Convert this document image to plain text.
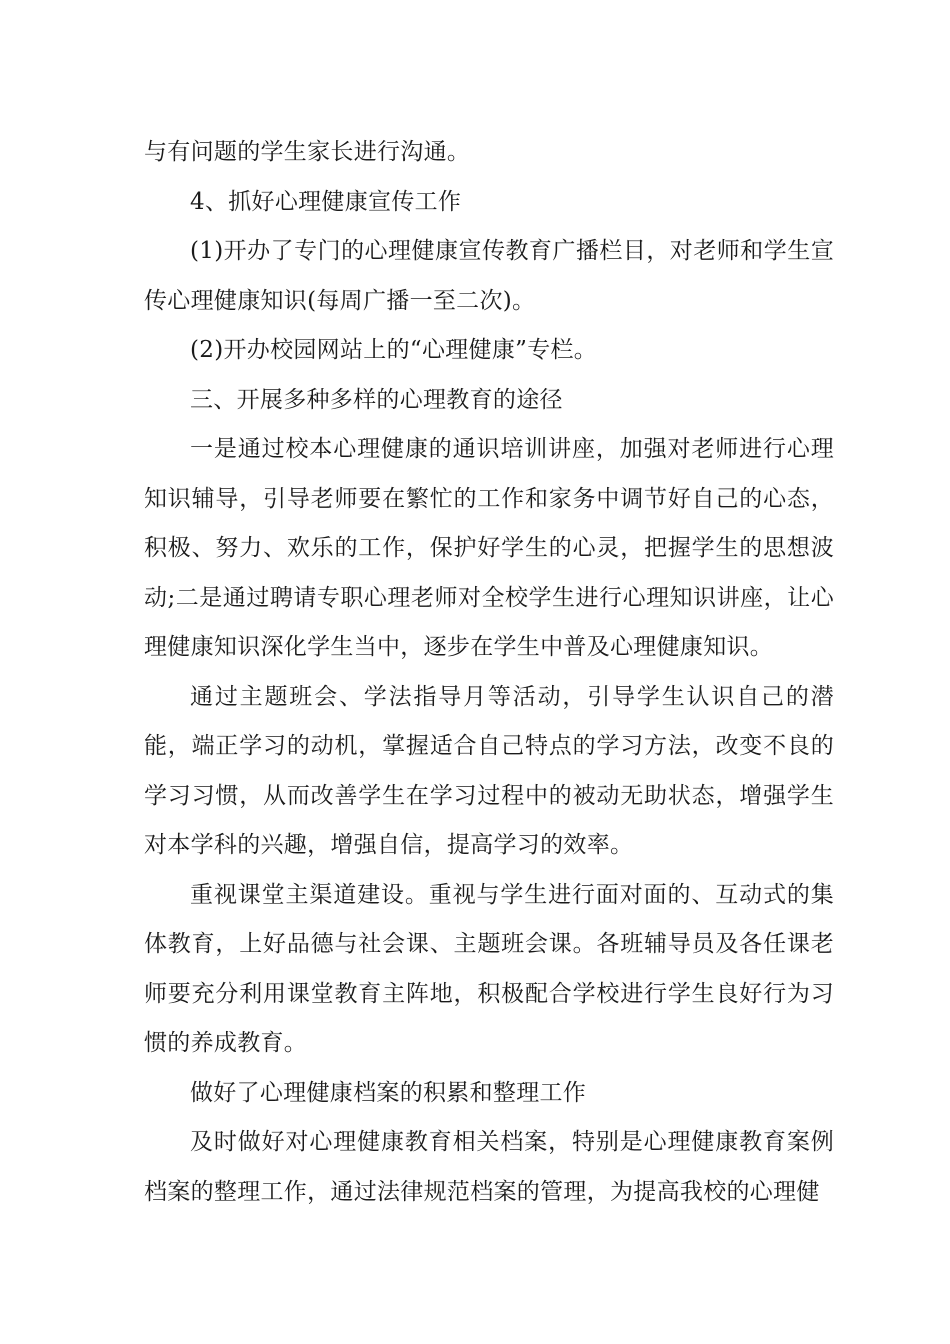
与有问题的学生家长进行沟通。

4、抓好心理健康宣传工作

(1)开办了专门的心理健康宣传教育广播栏目，对老师和学生宣传心理健康知识(每周广播一至二次)。

(2)开办校园网站上的“心理健康”专栏。

三、开展多种多样的心理教育的途径

一是通过校本心理健康的通识培训讲座，加强对老师进行心理知识辅导，引导老师要在繁忙的工作和家务中调节好自己的心态，积极、努力、欢乐的工作，保护好学生的心灵，把握学生的思想波动;二是通过聘请专职心理老师对全校学生进行心理知识讲座，让心理健康知识深化学生当中，逐步在学生中普及心理健康知识。

通过主题班会、学法指导月等活动，引导学生认识自己的潜能，端正学习的动机，掌握适合自己特点的学习方法，改变不良的学习习惯，从而改善学生在学习过程中的被动无助状态，增强学生对本学科的兴趣，增强自信，提高学习的效率。

重视课堂主渠道建设。重视与学生进行面对面的、互动式的集体教育，上好品德与社会课、主题班会课。各班辅导员及各任课老师要充分利用课堂教育主阵地，积极配合学校进行学生良好行为习惯的养成教育。

做好了心理健康档案的积累和整理工作

及时做好对心理健康教育相关档案，特别是心理健康教育案例档案的整理工作，通过法律规范档案的管理，为提高我校的心理健
